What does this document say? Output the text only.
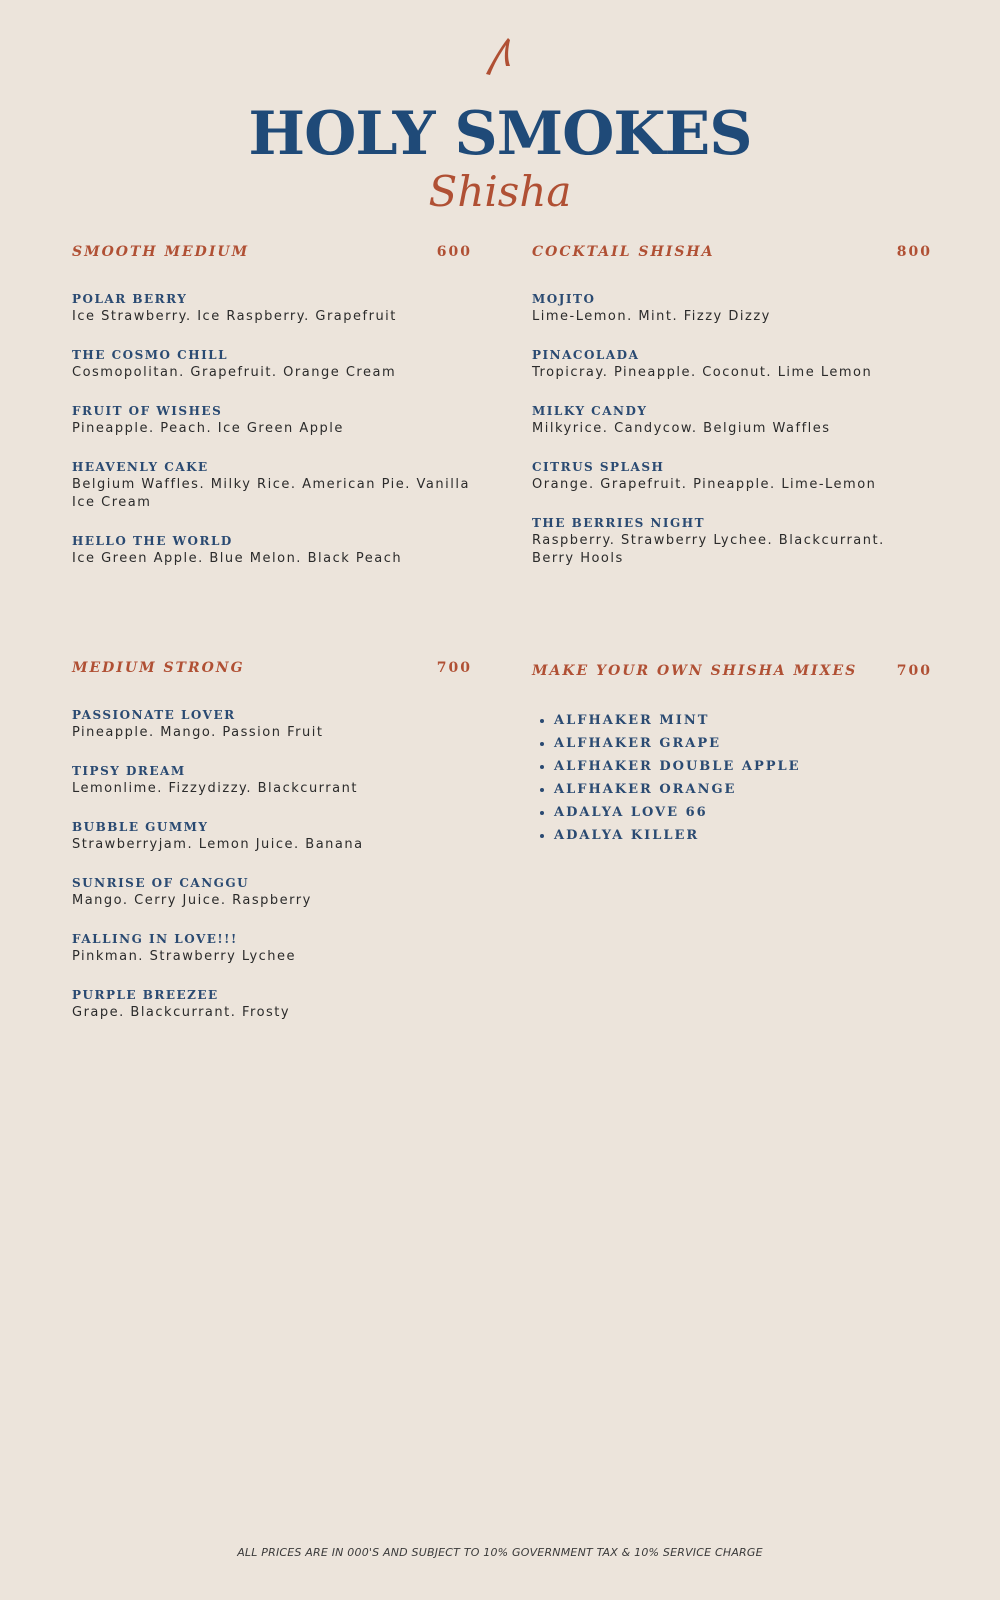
HOLY SMOKES
Shisha
SMOOTH MEDIUM	600
POLAR BERRY
Ice Strawberry. Ice Raspberry. Grapefruit
THE COSMO CHILL
Cosmopolitan. Grapefruit. Orange Cream
FRUIT OF WISHES
Pineapple. Peach. Ice Green Apple
HEAVENLY CAKE
Belgium Waffles. Milky Rice. American Pie. Vanilla Ice Cream
HELLO THE WORLD
Ice Green Apple. Blue Melon. Black Peach
COCKTAIL SHISHA	800
MOJITO
Lime-Lemon. Mint. Fizzy Dizzy
PINACOLADA
Tropicray. Pineapple. Coconut. Lime Lemon
MILKY CANDY
Milkyrice. Candycow. Belgium Waffles
CITRUS SPLASH
Orange. Grapefruit. Pineapple. Lime-Lemon
THE BERRIES NIGHT
Raspberry. Strawberry Lychee. Blackcurrant. Berry Hools
MEDIUM STRONG	700
PASSIONATE LOVER
Pineapple. Mango. Passion Fruit
TIPSY DREAM
Lemonlime. Fizzydizzy. Blackcurrant
BUBBLE GUMMY
Strawberryjam. Lemon Juice. Banana
SUNRISE OF CANGGU
Mango. Cerry Juice. Raspberry
FALLING IN LOVE!!!
Pinkman. Strawberry Lychee
PURPLE BREEZEE
Grape. Blackcurrant. Frosty
MAKE YOUR OWN SHISHA MIXES	700
ALFHAKER MINT
ALFHAKER GRAPE
ALFHAKER DOUBLE APPLE
ALFHAKER ORANGE
ADALYA LOVE 66
ADALYA KILLER
ALL PRICES ARE IN 000'S AND SUBJECT TO 10% GOVERNMENT TAX & 10% SERVICE CHARGE
